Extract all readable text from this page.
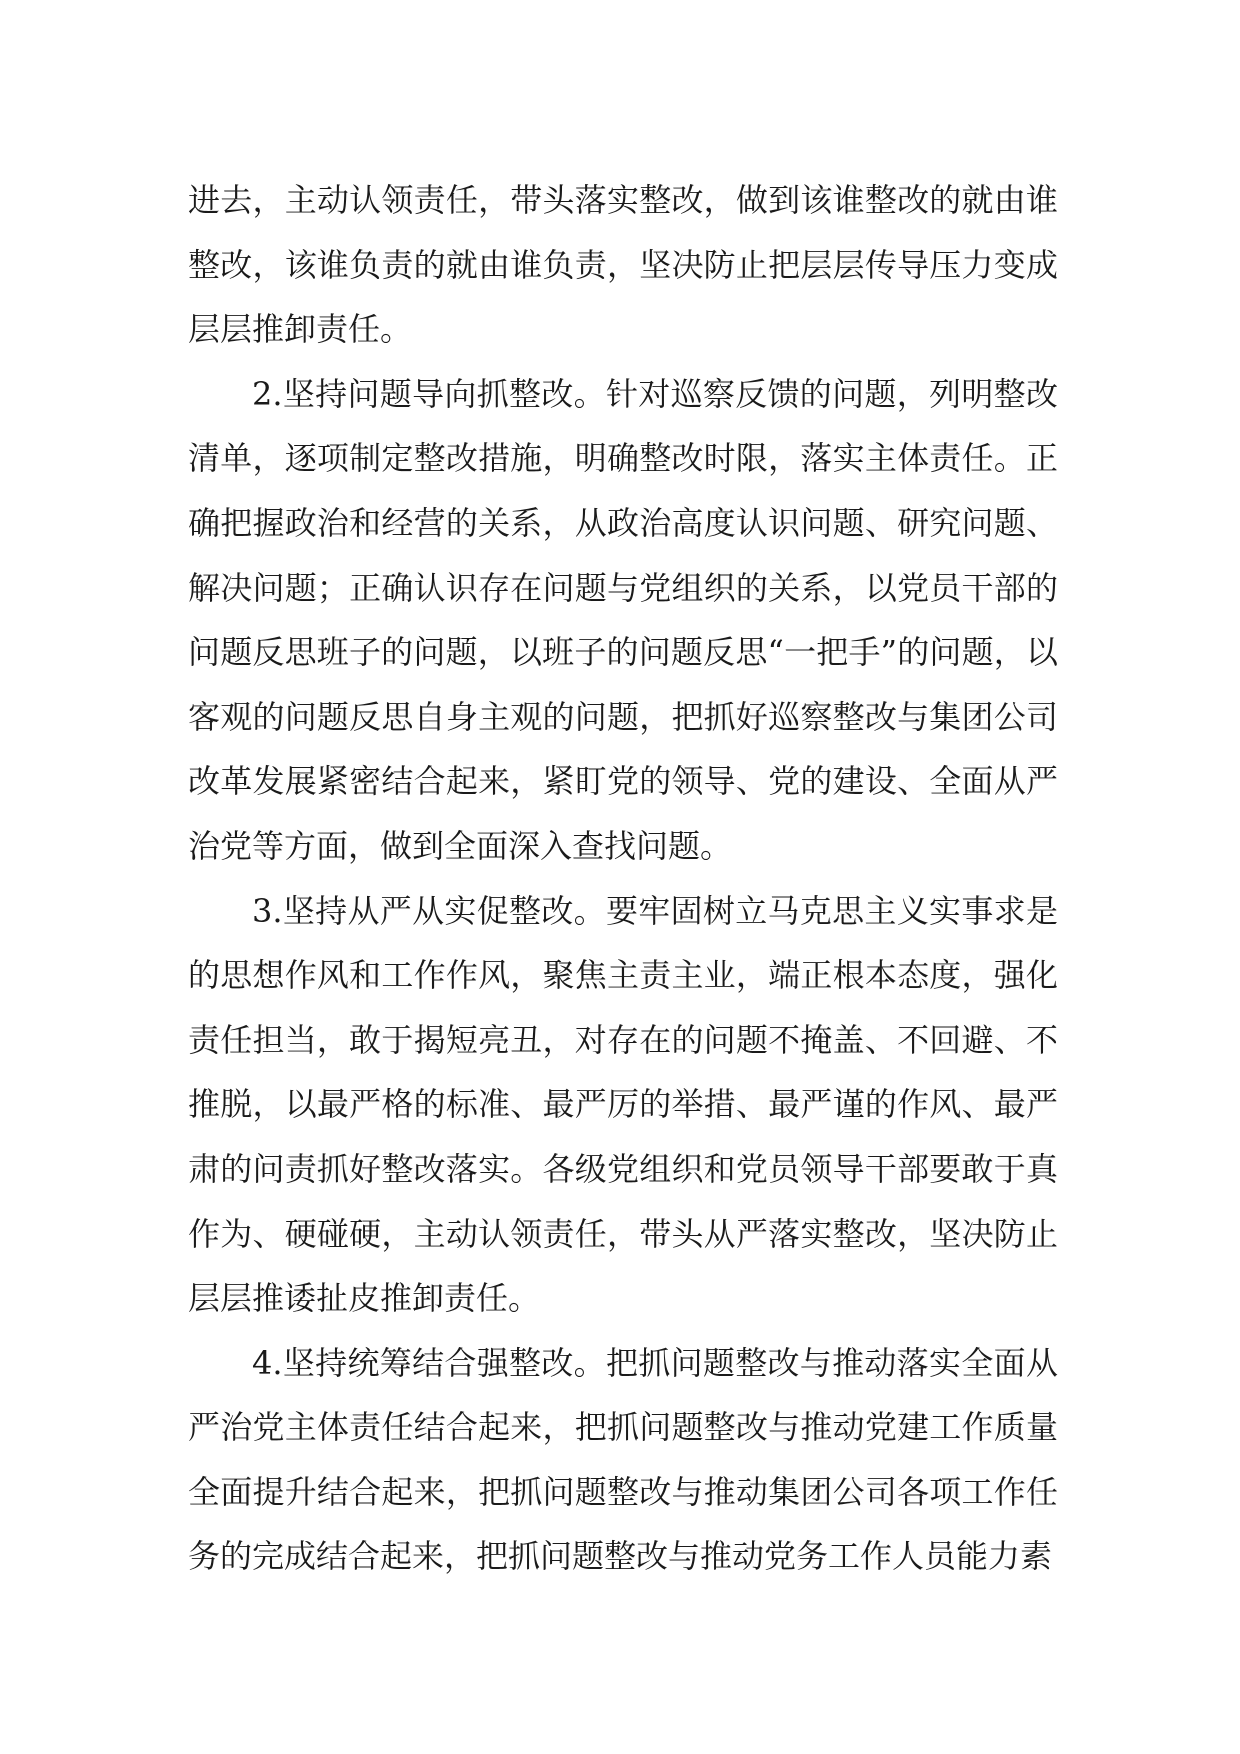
进去，主动认领责任，带头落实整改，做到该谁整改的就由谁整改，该谁负责的就由谁负责，坚决防止把层层传导压力变成层层推卸责任。

2.坚持问题导向抓整改。针对巡察反馈的问题，列明整改清单，逐项制定整改措施，明确整改时限，落实主体责任。正确把握政治和经营的关系，从政治高度认识问题、研究问题、解决问题；正确认识存在问题与党组织的关系，以党员干部的问题反思班子的问题，以班子的问题反思“一把手”的问题，以客观的问题反思自身主观的问题，把抓好巡察整改与集团公司改革发展紧密结合起来，紧盯党的领导、党的建设、全面从严治党等方面，做到全面深入查找问题。

3.坚持从严从实促整改。要牢固树立马克思主义实事求是的思想作风和工作作风，聚焦主责主业，端正根本态度，强化责任担当，敢于揭短亮丑，对存在的问题不掩盖、不回避、不推脱，以最严格的标准、最严厉的举措、最严谨的作风、最严肃的问责抓好整改落实。各级党组织和党员领导干部要敢于真作为、硬碰硬，主动认领责任，带头从严落实整改，坚决防止层层推诿扯皮推卸责任。

4.坚持统筹结合强整改。把抓问题整改与推动落实全面从严治党主体责任结合起来，把抓问题整改与推动党建工作质量全面提升结合起来，把抓问题整改与推动集团公司各项工作任务的完成结合起来，把抓问题整改与推动党务工作人员能力素
